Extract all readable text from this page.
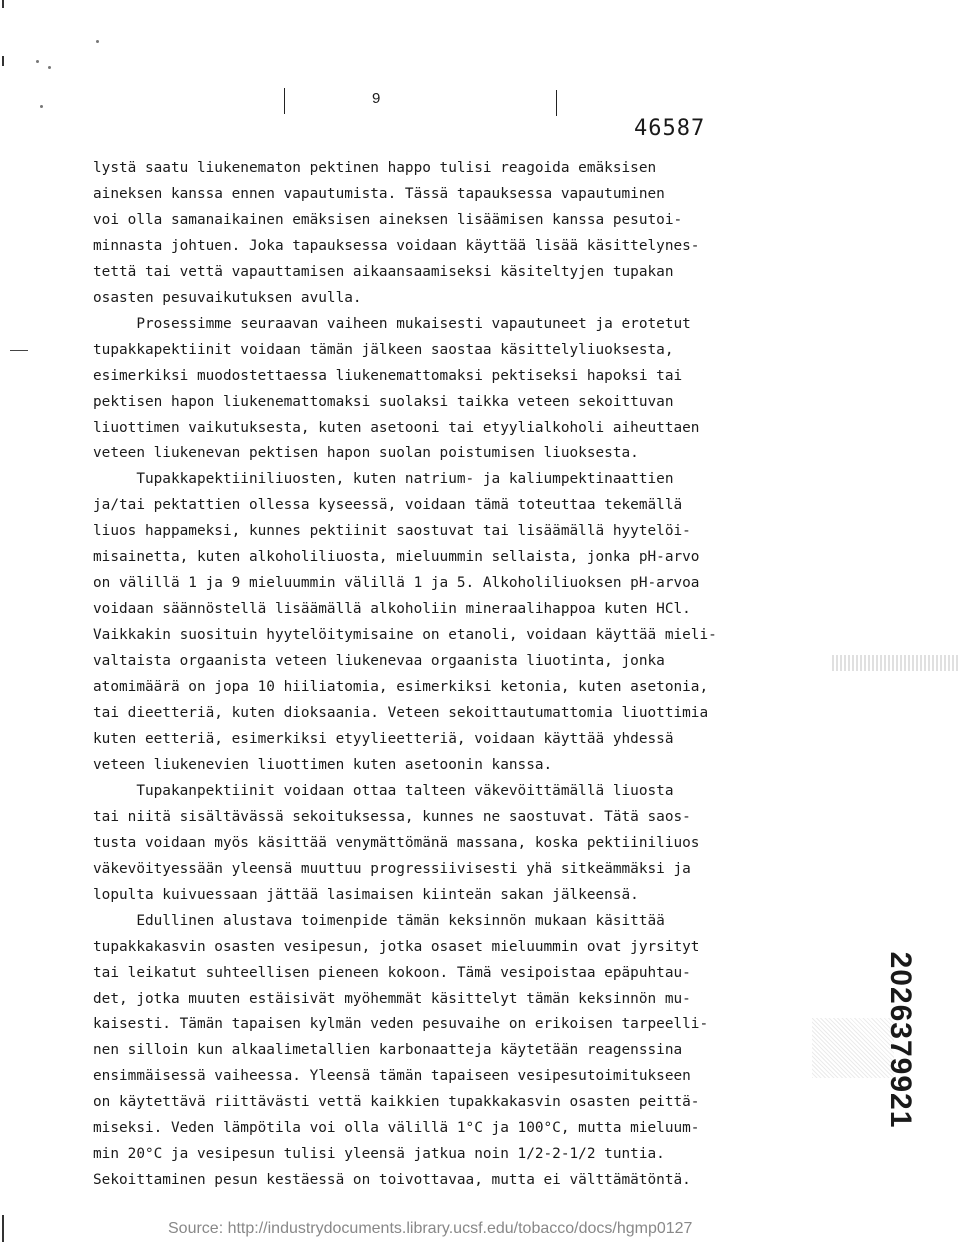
9
46587
lystä saatu liukenematon pektinen happo tulisi reagoida emäksisen
aineksen kanssa ennen vapautumista. Tässä tapauksessa vapautuminen
voi olla samanaikainen emäksisen aineksen lisäämisen kanssa pesutoi-
minnasta johtuen. Joka tapauksessa voidaan käyttää lisää käsittelynes-
tettä tai vettä vapauttamisen aikaansaamiseksi käsiteltyjen tupakan
osasten pesuvaikutuksen avulla.
Prosessimme seuraavan vaiheen mukaisesti vapautuneet ja erotetut
tupakkapektiinit voidaan tämän jälkeen saostaa käsittelyliuoksesta,
esimerkiksi muodostettaessa liukenemattomaksi pektiseksi hapoksi tai
pektisen hapon liukenemattomaksi suolaksi taikka veteen sekoittuvan
liuottimen vaikutuksesta, kuten asetooni tai etyylialkoholi aiheuttaen
veteen liukenevan pektisen hapon suolan poistumisen liuoksesta.
Tupakkapektiiniliuosten, kuten natrium- ja kaliumpektinaattien
ja/tai pektattien ollessa kyseessä, voidaan tämä toteuttaa tekemällä
liuos happameksi, kunnes pektiinit saostuvat tai lisäämällä hyytelöi-
misainetta, kuten alkoholiliuosta, mieluummin sellaista, jonka pH-arvo
on välillä 1 ja 9 mieluummin välillä 1 ja 5. Alkoholiliuoksen pH-arvoa
voidaan säännöstellä lisäämällä alkoholiin mineraalihappoa kuten HCl.
Vaikkakin suosituin hyytelöitymisaine on etanoli, voidaan käyttää mieli-
valtaista orgaanista veteen liukenevaa orgaanista liuotinta, jonka
atomimäärä on jopa 10 hiiliatomia, esimerkiksi ketonia, kuten asetonia,
tai dieetteriä, kuten dioksaania. Veteen sekoittautumattomia liuottimia
kuten eetteriä, esimerkiksi etyylieetteriä, voidaan käyttää yhdessä
veteen liukenevien liuottimen kuten asetoonin kanssa.
Tupakanpektiinit voidaan ottaa talteen väkevöittämällä liuosta
tai niitä sisältävässä sekoituksessa, kunnes ne saostuvat. Tätä saos-
tusta voidaan myös käsittää venymättömänä massana, koska pektiiniliuos
väkevöityessään yleensä muuttuu progressiivisesti yhä sitkeämmäksi ja
lopulta kuivuessaan jättää lasimaisen kiinteän sakan jälkeensä.
Edullinen alustava toimenpide tämän keksinnön mukaan käsittää
tupakkakasvin osasten vesipesun, jotka osaset mieluummin ovat jyrsityt
tai leikatut suhteellisen pieneen kokoon. Tämä vesipoistaa epäpuhtau-
det, jotka muuten estäisivät myöhemmät käsittelyt tämän keksinnön mu-
kaisesti. Tämän tapaisen kylmän veden pesuvaihe on erikoisen tarpeelli-
nen silloin kun alkaalimetallien karbonaatteja käytetään reagenssina
ensimmäisessä vaiheessa. Yleensä tämän tapaiseen vesipesutoimitukseen
on käytettävä riittävästi vettä kaikkien tupakkakasvin osasten peittä-
miseksi. Veden lämpötila voi olla välillä 1°C ja 100°C, mutta mieluum-
min 20°C ja vesipesun tulisi yleensä jatkua noin 1/2-2-1/2 tuntia.
Sekoittaminen pesun kestäessä on toivottavaa, mutta ei välttämätöntä.
2026379921
Source: http://industrydocuments.library.ucsf.edu/tobacco/docs/hgmp0127
